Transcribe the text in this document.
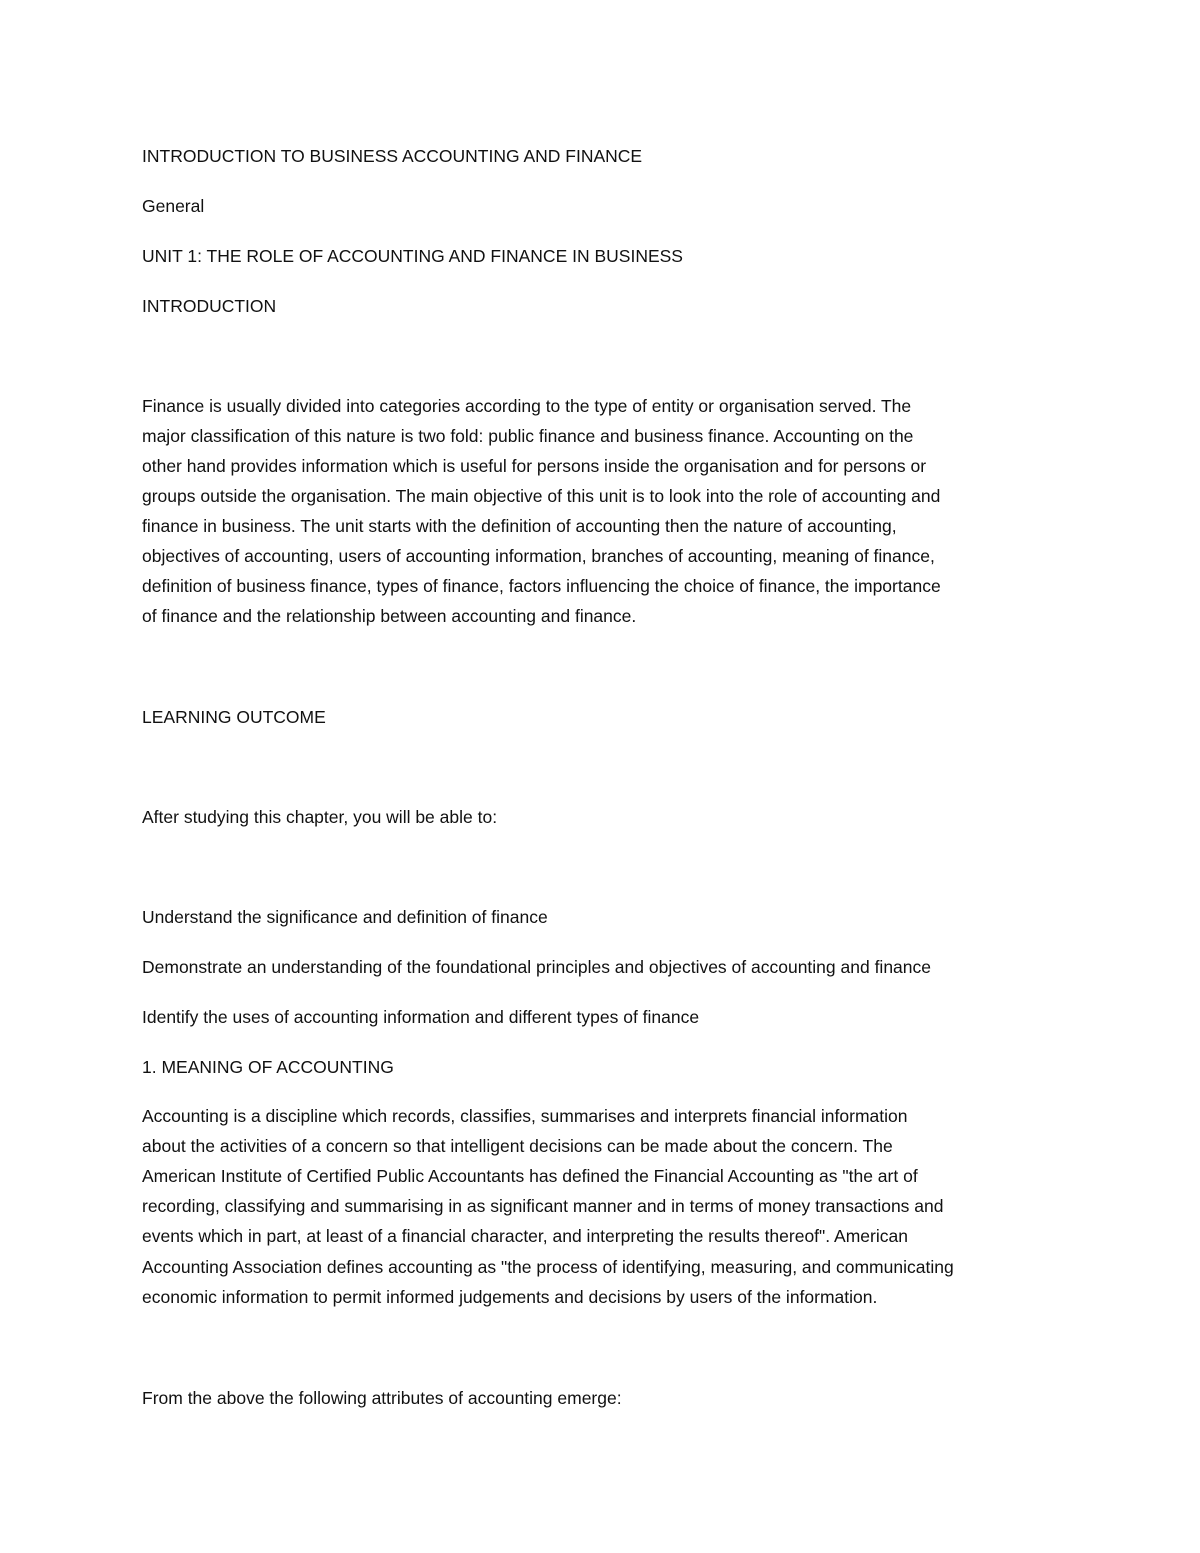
INTRODUCTION TO BUSINESS ACCOUNTING AND FINANCE

General

UNIT 1: THE ROLE OF ACCOUNTING AND FINANCE IN BUSINESS

INTRODUCTION

Finance is usually divided into categories according to the type of entity or organisation served. The

major classification of this nature is two fold: public finance and business finance. Accounting on the

other hand provides information which is useful for persons inside the organisation and for persons or

groups outside the organisation. The main objective of this unit is to look into the role of accounting and

finance in business. The unit starts with the definition of accounting then the nature of accounting,

objectives of accounting, users of accounting information, branches of accounting, meaning of finance,

definition of business finance, types of finance, factors influencing the choice of finance, the importance

of finance and the relationship between accounting and finance.

LEARNING OUTCOME

After studying this chapter, you will be able to:

Understand the significance and definition of finance

Demonstrate an understanding of the foundational principles and objectives of accounting and finance

Identify the uses of accounting information and different types of finance

1. MEANING OF ACCOUNTING

Accounting is a discipline which records, classifies, summarises and interprets financial information

about the activities of a concern so that intelligent decisions can be made about the concern. The

American Institute of Certified Public Accountants has defined the Financial Accounting as "the art of

recording, classifying and summarising in as significant manner and in terms of money transactions and

events which in part, at least of a financial character, and interpreting the results thereof". American

Accounting Association defines accounting as "the process of identifying, measuring, and communicating

economic information to permit informed judgements and decisions by users of the information.

From the above the following attributes of accounting emerge:
